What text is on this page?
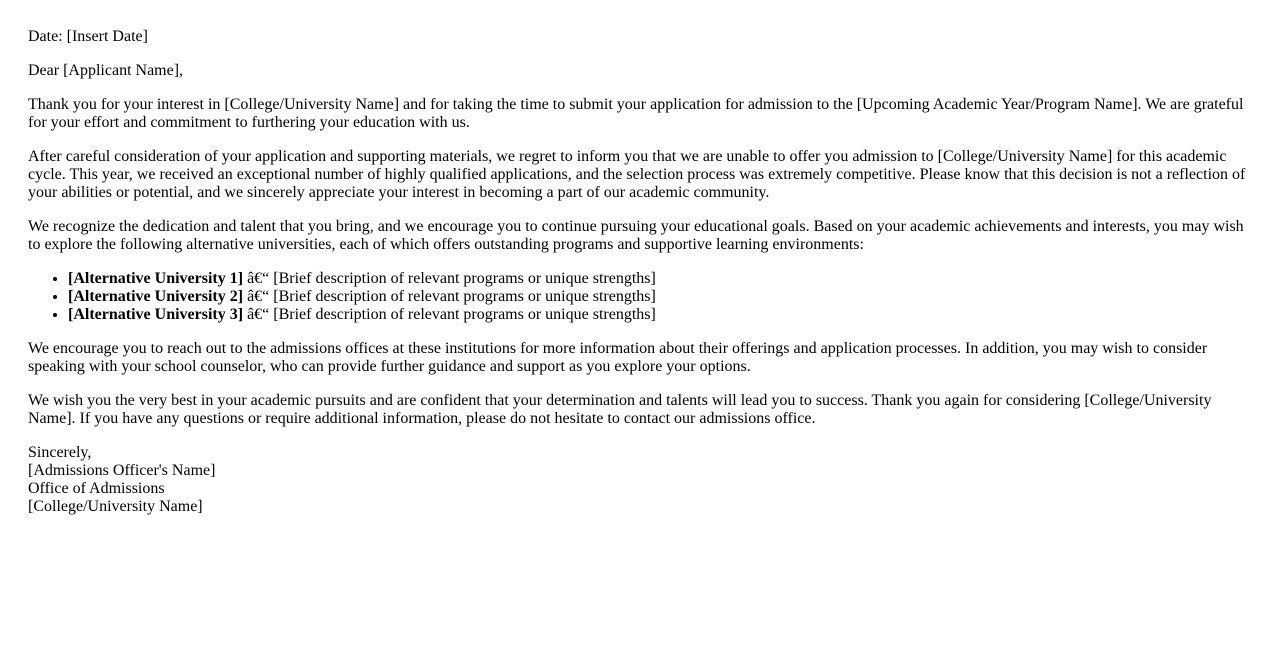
Date: [Insert Date]

Dear [Applicant Name],

Thank you for your interest in [College/University Name] and for taking the time to submit your application for admission to the [Upcoming Academic Year/Program Name]. We are grateful for your effort and commitment to furthering your education with us.

After careful consideration of your application and supporting materials, we regret to inform you that we are unable to offer you admission to [College/University Name] for this academic cycle. This year, we received an exceptional number of highly qualified applications, and the selection process was extremely competitive. Please know that this decision is not a reflection of your abilities or potential, and we sincerely appreciate your interest in becoming a part of our academic community.

We recognize the dedication and talent that you bring, and we encourage you to continue pursuing your educational goals. Based on your academic achievements and interests, you may wish to explore the following alternative universities, each of which offers outstanding programs and supportive learning environments:

• [Alternative University 1] â€“ [Brief description of relevant programs or unique strengths]
• [Alternative University 2] â€“ [Brief description of relevant programs or unique strengths]
• [Alternative University 3] â€“ [Brief description of relevant programs or unique strengths]

We encourage you to reach out to the admissions offices at these institutions for more information about their offerings and application processes. In addition, you may wish to consider speaking with your school counselor, who can provide further guidance and support as you explore your options.

We wish you the very best in your academic pursuits and are confident that your determination and talents will lead you to success. Thank you again for considering [College/University Name]. If you have any questions or require additional information, please do not hesitate to contact our admissions office.

Sincerely,
[Admissions Officer's Name]
Office of Admissions
[College/University Name]
